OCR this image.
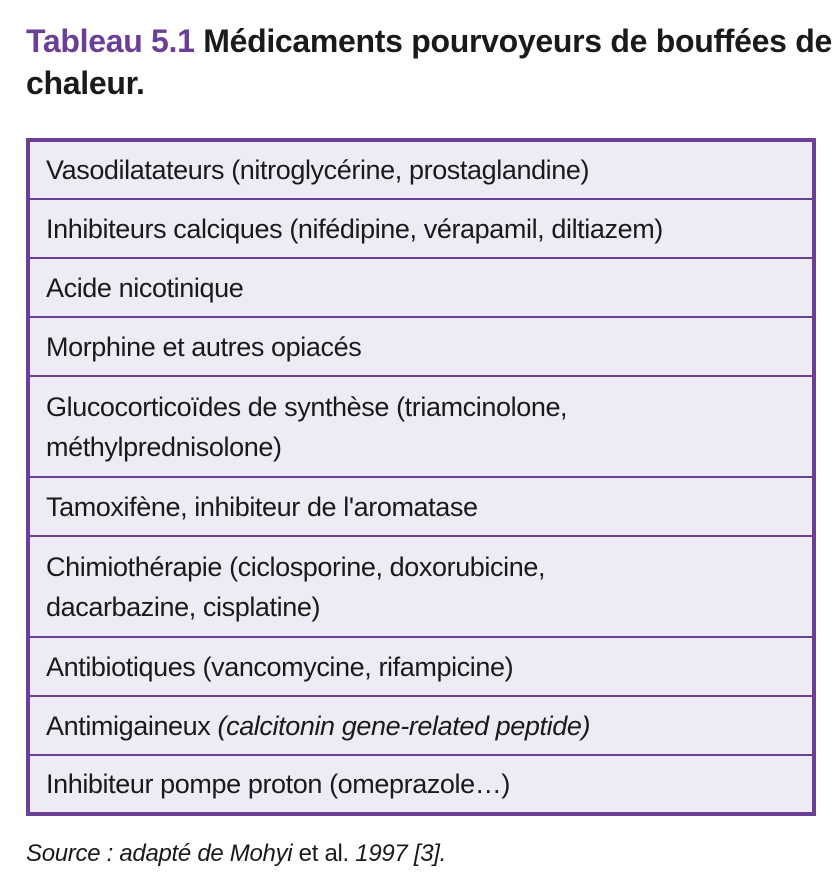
Tableau 5.1 Médicaments pourvoyeurs de bouffées de chaleur.
Vasodilatateurs (nitroglycérine, prostaglandine)
Inhibiteurs calciques (nifédipine, vérapamil, diltiazem)
Acide nicotinique
Morphine et autres opiacés

Glucocorticoïdes de synthèse (triamcinolone, méthylprednisolone)

Tamoxifène, inhibiteur de l'aromatase

Chimiothérapie (ciclosporine, doxorubicine, dacarbazine, cisplatine)

Antibiotiques (vancomycine, rifampicine)
Antimigaineux (calcitonin gene-related peptide)
Inhibiteur pompe proton (omeprazole…)
Source : adapté de Mohyi et al. 1997 [3].
